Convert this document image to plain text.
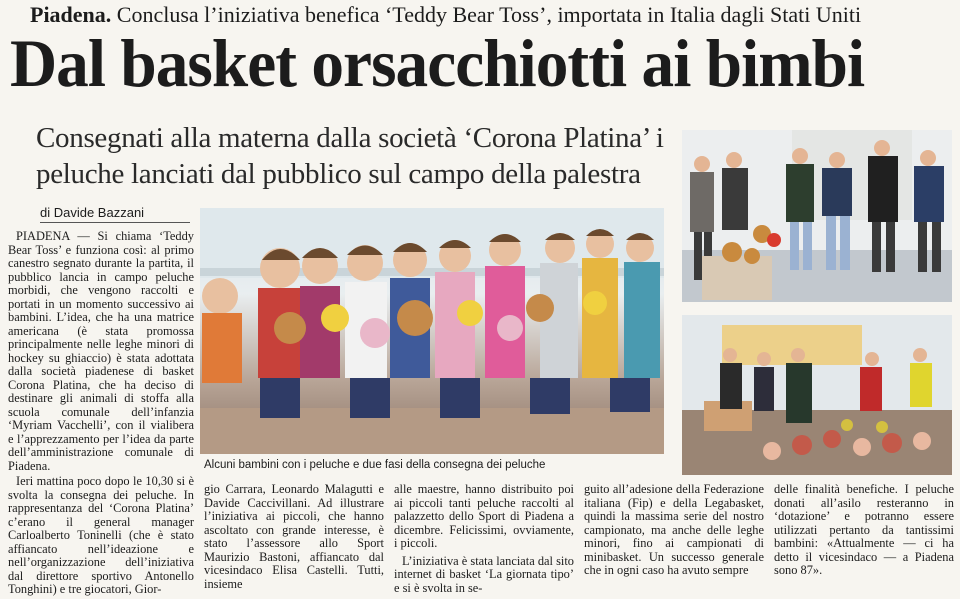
Piadena. Conclusa l’iniziativa benefica ‘Teddy Bear Toss’, importata in Italia dagli Stati Uniti
Dal basket orsacchiotti ai bimbi
Consegnati alla materna dalla società ‘Corona Platina’ i peluche lanciati dal pubblico sul campo della palestra
di Davide Bazzani

PIADENA — Si chiama ‘Teddy Bear Toss’ e funziona così: al primo canestro segnato durante la partita, il pubblico lancia in campo peluche morbidi, che vengono raccolti e portati in un momento successivo ai bambini. L’idea, che ha una matrice americana (è stata promossa principalmente nelle leghe minori di hockey su ghiaccio) è stata adottata dalla società piadenese di basket Corona Platina, che ha deciso di destinare gli animali di stoffa alla scuola comunale dell’infanzia ‘Myriam Vacchelli’, con il vialibera e l’apprezzamento per l’idea da parte dell’amministrazione comunale di Piadena.

Ieri mattina poco dopo le 10,30 si è svolta la consegna dei peluche. In rappresentanza del ‘Corona Platina’ c’erano il general manager Carloalberto Toninelli (che è stato affiancato nell’ideazione e nell’organizzazione dell’iniziativa dal direttore sportivo Antonello Tonghini) e tre giocatori, Gior-

Alcuni bambini con i peluche e due fasi della consegna dei peluche

gio Carrara, Leonardo Malagutti e Davide Caccivillani. Ad illustrare l’iniziativa ai piccoli, che hanno ascoltato con grande interesse, è stato l’assessore allo Sport Maurizio Bastoni, affiancato dal vicesindaco Elisa Castelli. Tutti, insieme

alle maestre, hanno distribuito poi ai piccoli tanti peluche raccolti al palazzetto dello Sport di Piadena a dicembre. Felicissimi, ovviamente, i piccoli.

L’iniziativa è stata lanciata dal sito internet di basket ‘La giornata tipo’ e si è svolta in se-

guito all’adesione della Federazione italiana (Fip) e della Legabasket, quindi la massima serie del nostro campionato, ma anche delle leghe minori, fino ai campionati di minibasket. Un successo generale che in ogni caso ha avuto sempre

delle finalità benefiche. I peluche donati all’asilo resteranno in ‘dotazione’ e potranno essere utilizzati pertanto da tantissimi bambini: «Attualmente — ci ha detto il vicesindaco — a Piadena sono 87».
